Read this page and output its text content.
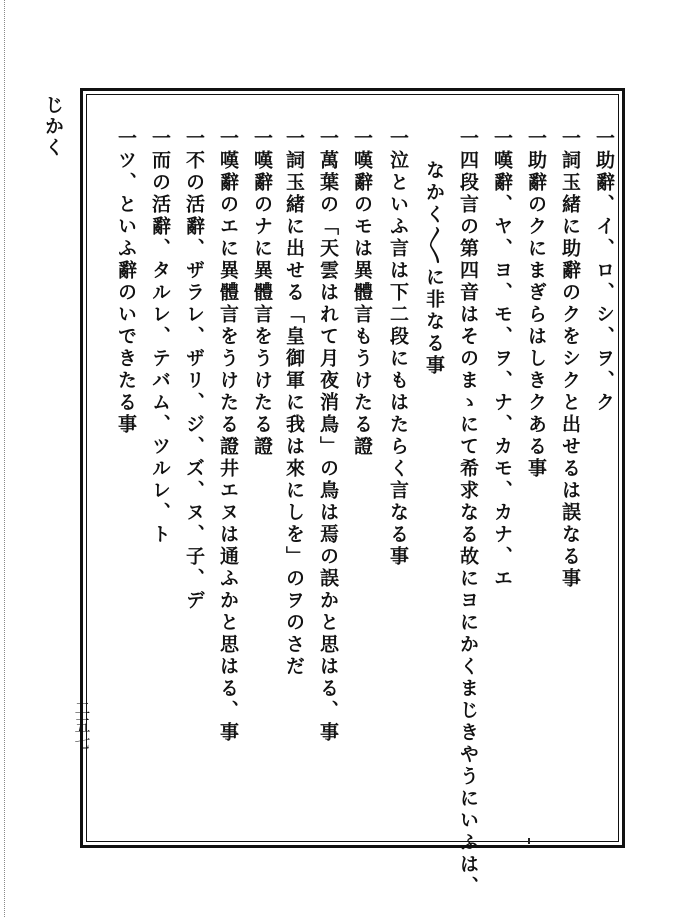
じかく
二五七	一四段言の第四音はそのまゝにて希求なる故にヨにかくまじきやうにいふは、
なかく〱に非なる事
一泣といふ言は下二段にもはたらく言なる事
一嘆辭のモは異體言もうけたる證
一萬葉の「天雲はれて月夜消鳥」の鳥は焉の誤かと思はる、事
一詞玉緒に出せる「皇御軍に我は來にしを」のヲのさだ
一嘆辭のナに異體言をうけたる證
一嘆辭のエに異體言をうけたる證井エヌは通ふかと思はる、事
一不の活辭、ザラレ、ザリ、ジ、ズ、ヌ、子、デ
一而の活辭、タルレ、テバム、ツルレ、ト
一ツ、といふ辭のいできたる事	一助辭、イ、ロ、シ、ヲ、ク
一詞玉緒に助辭のクをシクと出せるは誤なる事
一助辭のクにまぎらはしきクある事
一嘆辭、ヤ、ヨ、モ、ヲ、ナ、カモ、カナ、エ
